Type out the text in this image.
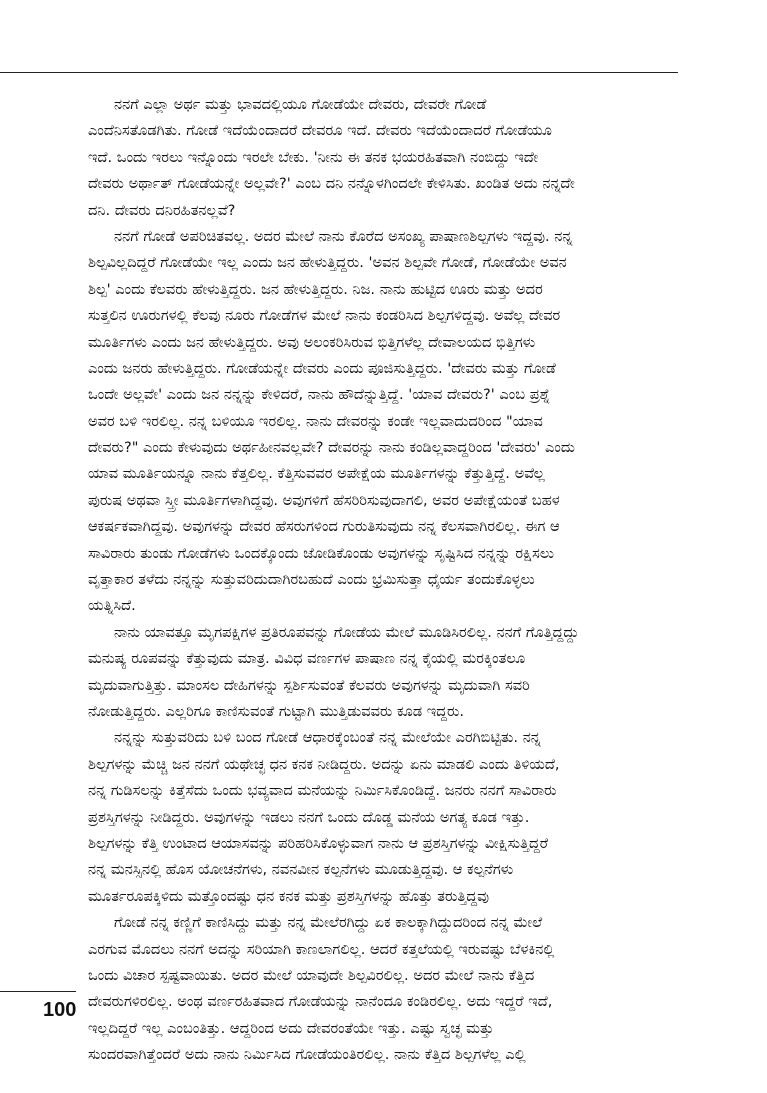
ನನಗೆ ಎಲ್ಲಾ ಅರ್ಥ ಮತ್ತು ಭಾವದಲ್ಲಿಯೂ ಗೋಡೆಯೇ ದೇವರು, ದೇವರೇ ಗೋಡೆ
ಎಂದೆನಿಸತೊಡಗಿತು. ಗೋಡೆ ಇದೆಯೆಂದಾದರೆ ದೇವರೂ ಇದೆ. ದೇವರು ಇದೆಯೆಂದಾದರೆ ಗೋಡೆಯೂ
ಇದೆ. ಒಂದು ಇರಲು ಇನ್ನೊಂದು ಇರಲೇ ಬೇಕು. 'ನೀನು ಈ ತನಕ ಭಯರಹಿತವಾಗಿ ನಂಬಿದ್ದು ಇದೇ
ದೇವರು ಅರ್ಥಾತ್ ಗೋಡೆಯನ್ನೇ ಅಲ್ಲವೇ?' ಎಂಬ ದನಿ ನನ್ನೊಳಗಿಂದಲೇ ಕೇಳಿಸಿತು. ಖಂಡಿತ ಅದು ನನ್ನದೇ
ದನಿ. ದೇವರು ದನಿರಹಿತನಲ್ಲವೆ?
ನನಗೆ ಗೋಡೆ ಅಪರಿಚಿತವಲ್ಲ. ಅದರ ಮೇಲೆ ನಾನು ಕೊರೆದ ಅಸಂಖ್ಯ ಪಾಷಾಣಶಿಲ್ಪಗಳು ಇದ್ದವು. ನನ್ನ
ಶಿಲ್ಪವಿಲ್ಲದಿದ್ದರೆ ಗೋಡೆಯೇ ಇಲ್ಲ ಎಂದು ಜನ ಹೇಳುತ್ತಿದ್ದರು. 'ಅವನ ಶಿಲ್ಪವೇ ಗೋಡೆ, ಗೋಡೆಯೇ ಅವನ
ಶಿಲ್ಪ' ಎಂದು ಕೆಲವರು ಹೇಳುತ್ತಿದ್ದರು. ಜನ ಹೇಳುತ್ತಿದ್ದರು. ನಿಜ. ನಾನು ಹುಟ್ಟಿದ ಊರು ಮತ್ತು ಅದರ
ಸುತ್ತಲಿನ ಊರುಗಳಲ್ಲಿ ಕೆಲವು ನೂರು ಗೋಡೆಗಳ ಮೇಲೆ ನಾನು ಕಂಡರಿಸಿದ ಶಿಲ್ಪಗಳಿದ್ದವು. ಅವೆಲ್ಲ ದೇವರ
ಮೂರ್ತಿಗಳು ಎಂದು ಜನ ಹೇಳುತ್ತಿದ್ದರು. ಅವು ಅಲಂಕರಿಸಿರುವ ಭಿತ್ತಿಗಳೆಲ್ಲ ದೇವಾಲಯದ ಭಿತ್ತಿಗಳು
ಎಂದು ಜನರು ಹೇಳುತ್ತಿದ್ದರು. ಗೋಡೆಯನ್ನೇ ದೇವರು ಎಂದು ಪೂಜಿಸುತ್ತಿದ್ದರು. 'ದೇವರು ಮತ್ತು ಗೋಡೆ
ಒಂದೇ ಅಲ್ಲವೇ' ಎಂದು ಜನ ನನ್ನನ್ನು ಕೇಳಿದರೆ, ನಾನು ಹೌದೆನ್ನುತ್ತಿದ್ದೆ. 'ಯಾವ ದೇವರು?' ಎಂಬ ಪ್ರಶ್ನೆ
ಅವರ ಬಳಿ ಇರಲಿಲ್ಲ. ನನ್ನ ಬಳಿಯೂ ಇರಲಿಲ್ಲ. ನಾನು ದೇವರನ್ನು ಕಂಡೇ ಇಲ್ಲವಾದುದರಿಂದ "ಯಾವ
ದೇವರು?" ಎಂದು ಕೇಳುವುದು ಅರ್ಥಹೀನವಲ್ಲವೇ? ದೇವರನ್ನು ನಾನು ಕಂಡಿಲ್ಲವಾದ್ದರಿಂದ 'ದೇವರು' ಎಂದು
ಯಾವ ಮೂರ್ತಿಯನ್ನೂ ನಾನು ಕೆತ್ತಲಿಲ್ಲ. ಕೆತ್ತಿಸುವವರ ಅಪೇಕ್ಷೆಯ ಮೂರ್ತಿಗಳನ್ನು ಕೆತ್ತುತ್ತಿದ್ದೆ. ಅವೆಲ್ಲ
ಪುರುಷ ಅಥವಾ ಸ್ತ್ರೀ ಮೂರ್ತಿಗಳಾಗಿದ್ದವು. ಅವುಗಳಿಗೆ ಹೆಸರಿರಿಸುವುದಾಗಲಿ, ಅವರ ಅಪೇಕ್ಷೆಯಂತೆ ಬಹಳ
ಆಕರ್ಷಕವಾಗಿದ್ದವು. ಅವುಗಳನ್ನು ದೇವರ ಹೆಸರುಗಳಿಂದ ಗುರುತಿಸುವುದು ನನ್ನ ಕೆಲಸವಾಗಿರಲಿಲ್ಲ. ಈಗ ಆ
ಸಾವಿರಾರು ತುಂಡು ಗೋಡೆಗಳು ಒಂದಕ್ಕೊಂದು ಜೋಡಿಕೊಂಡು ಅವುಗಳನ್ನು ಸೃಷ್ಟಿಸಿದ ನನ್ನನ್ನು ರಕ್ಷಿಸಲು
ವೃತ್ತಾಕಾರ ತಳೆದು ನನ್ನನ್ನು ಸುತ್ತುವರಿದುದಾಗಿರಬಹುದೆ ಎಂದು ಭ್ರಮಿಸುತ್ತಾ ಧೈರ್ಯ ತಂದುಕೊಳ್ಳಲು
ಯತ್ನಿಸಿದೆ.
ನಾನು ಯಾವತ್ತೂ ಮೃಗಪಕ್ಷಿಗಳ ಪ್ರತಿರೂಪವನ್ನು ಗೋಡೆಯ ಮೇಲೆ ಮೂಡಿಸಿರಲಿಲ್ಲ. ನನಗೆ ಗೊತ್ತಿದ್ದದ್ದು
ಮನುಷ್ಯ ರೂಪವನ್ನು ಕೆತ್ತುವುದು ಮಾತ್ರ. ವಿವಿಧ ವರ್ಣಗಳ ಪಾಷಾಣ ನನ್ನ ಕೈಯಲ್ಲಿ ಮರಕ್ಕಿಂತಲೂ
ಮೃದುವಾಗುತ್ತಿತ್ತು. ಮಾಂಸಲ ದೇಹಿಗಳನ್ನು ಸ್ಪರ್ಶಿಸುವಂತೆ ಕೆಲವರು ಅವುಗಳನ್ನು ಮೃದುವಾಗಿ ಸವರಿ
ನೋಡುತ್ತಿದ್ದರು. ಎಲ್ಲರಿಗೂ ಕಾಣಿಸುವಂತೆ ಗುಟ್ಟಾಗಿ ಮುತ್ತಿಡುವವರು ಕೂಡ ಇದ್ದರು.
ನನ್ನನ್ನು ಸುತ್ತುವರಿದು ಬಳಿ ಬಂದ ಗೋಡೆ ಆಧಾರಕ್ಕೆಂಬಂತೆ ನನ್ನ ಮೇಲೆಯೇ ಎರಗಿಬಿಟ್ಟಿತು. ನನ್ನ
ಶಿಲ್ಪಗಳನ್ನು ಮೆಚ್ಚಿ ಜನ ನನಗೆ ಯಥೇಚ್ಛ ಧನ ಕನಕ ನೀಡಿದ್ದರು. ಅದನ್ನು ಏನು ಮಾಡಲಿ ಎಂದು ತಿಳಿಯದೆ,
ನನ್ನ ಗುಡಿಸಲನ್ನು ಕಿತ್ತೆಸೆದು ಒಂದು ಭವ್ಯವಾದ ಮನೆಯನ್ನು ನಿರ್ಮಿಸಿಕೊಂಡಿದ್ದೆ. ಜನರು ನನಗೆ ಸಾವಿರಾರು
ಪ್ರಶಸ್ತಿಗಳನ್ನು ನೀಡಿದ್ದರು. ಅವುಗಳನ್ನು ಇಡಲು ನನಗೆ ಒಂದು ದೊಡ್ಡ ಮನೆಯ ಅಗತ್ಯ ಕೂಡ ಇತ್ತು.
ಶಿಲ್ಪಗಳನ್ನು ಕೆತ್ತಿ ಉಂಟಾದ ಆಯಾಸವನ್ನು ಪರಿಹರಿಸಿಕೊಳ್ಳುವಾಗ ನಾನು ಆ ಪ್ರಶಸ್ತಿಗಳನ್ನು ವೀಕ್ಷಿಸುತ್ತಿದ್ದರೆ
ನನ್ನ ಮನಸ್ಸಿನಲ್ಲಿ ಹೊಸ ಯೋಚನೆಗಳು, ನವನವೀನ ಕಲ್ಪನೆಗಳು ಮೂಡುತ್ತಿದ್ದವು. ಆ ಕಲ್ಪನೆಗಳು
ಮೂರ್ತರೂಪಕ್ಕಿಳಿದು ಮತ್ತೊಂದಷ್ಟು ಧನ ಕನಕ ಮತ್ತು ಪ್ರಶಸ್ತಿಗಳನ್ನು ಹೊತ್ತು ತರುತ್ತಿದ್ದವು
ಗೋಡೆ ನನ್ನ ಕಣ್ಣಿಗೆ ಕಾಣಿಸಿದ್ದು ಮತ್ತು ನನ್ನ ಮೇಲೆರಗಿದ್ದು ಏಕ ಕಾಲಕ್ಕಾಗಿದ್ದುದರಿಂದ ನನ್ನ ಮೇಲೆ
ಎರಗುವ ಮೊದಲು ನನಗೆ ಅದನ್ನು ಸರಿಯಾಗಿ ಕಾಣಲಾಗಲಿಲ್ಲ. ಆದರೆ ಕತ್ತಲೆಯಲ್ಲಿ ಇರುವಷ್ಟು ಬೆಳಕಿನಲ್ಲಿ
ಒಂದು ವಿಚಾರ ಸ್ಪಷ್ಟವಾಯಿತು. ಅದರ ಮೇಲೆ ಯಾವುದೇ ಶಿಲ್ಪವಿರಲಿಲ್ಲ. ಅದರ ಮೇಲೆ ನಾನು ಕೆತ್ತಿದ
ದೇವರುಗಳಿರಲಿಲ್ಲ. ಅಂಥ ವರ್ಣರಹಿತವಾದ ಗೋಡೆಯನ್ನು ನಾನೆಂದೂ ಕಂಡಿರಲಿಲ್ಲ. ಅದು ಇದ್ದರೆ ಇದೆ,
ಇಲ್ಲದಿದ್ದರೆ ಇಲ್ಲ ಎಂಬಂತಿತ್ತು. ಆದ್ದರಿಂದ ಅದು ದೇವರಂತೆಯೇ ಇತ್ತು. ಎಷ್ಟು ಸ್ವಚ್ಛ ಮತ್ತು
ಸುಂದರವಾಗಿತ್ತೆಂದರೆ ಅದು ನಾನು ನಿರ್ಮಿಸಿದ ಗೋಡೆಯಂತಿರಲಿಲ್ಲ. ನಾನು ಕೆತ್ತಿದ ಶಿಲ್ಪಗಳೆಲ್ಲ ಎಲ್ಲಿ
100
